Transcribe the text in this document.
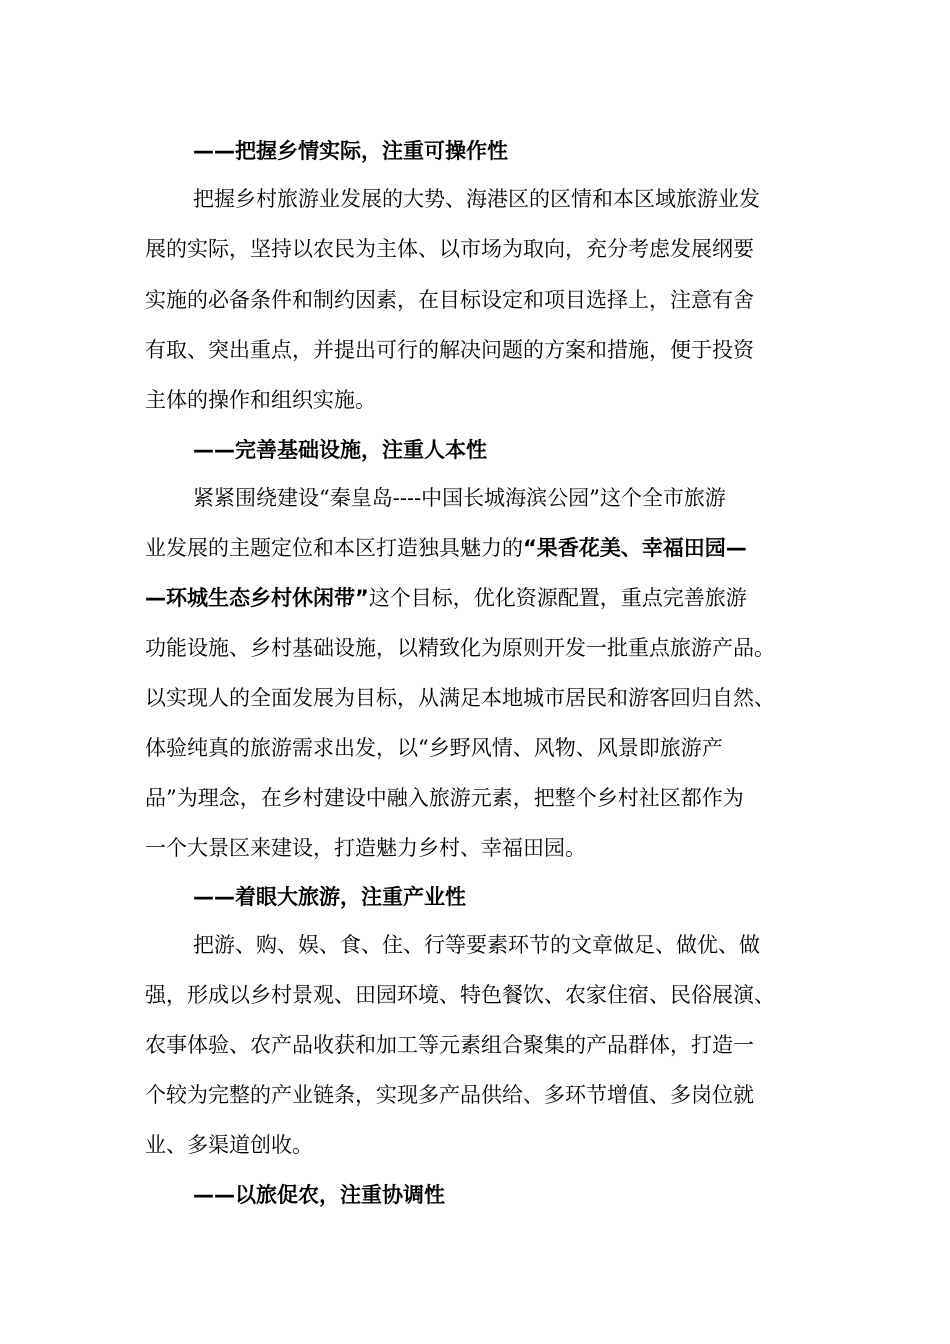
——把握乡情实际，注重可操作性
把握乡村旅游业发展的大势、海港区的区情和本区域旅游业发
展的实际，坚持以农民为主体、以市场为取向，充分考虑发展纲要
实施的必备条件和制约因素，在目标设定和项目选择上，注意有舍
有取、突出重点，并提出可行的解决问题的方案和措施，便于投资
主体的操作和组织实施。
——完善基础设施，注重人本性
紧紧围绕建设“秦皇岛----中国长城海滨公园”这个全市旅游
业发展的主题定位和本区打造独具魅力的“果香花美、幸福田园—
—环城生态乡村休闲带”这个目标，优化资源配置，重点完善旅游
功能设施、乡村基础设施，以精致化为原则开发一批重点旅游产品。
以实现人的全面发展为目标，从满足本地城市居民和游客回归自然、
体验纯真的旅游需求出发，以“乡野风情、风物、风景即旅游产
品”为理念，在乡村建设中融入旅游元素，把整个乡村社区都作为
一个大景区来建设，打造魅力乡村、幸福田园。
——着眼大旅游，注重产业性
把游、购、娱、食、住、行等要素环节的文章做足、做优、做
强，形成以乡村景观、田园环境、特色餐饮、农家住宿、民俗展演、
农事体验、农产品收获和加工等元素组合聚集的产品群体，打造一
个较为完整的产业链条，实现多产品供给、多环节增值、多岗位就
业、多渠道创收。
——以旅促农，注重协调性
